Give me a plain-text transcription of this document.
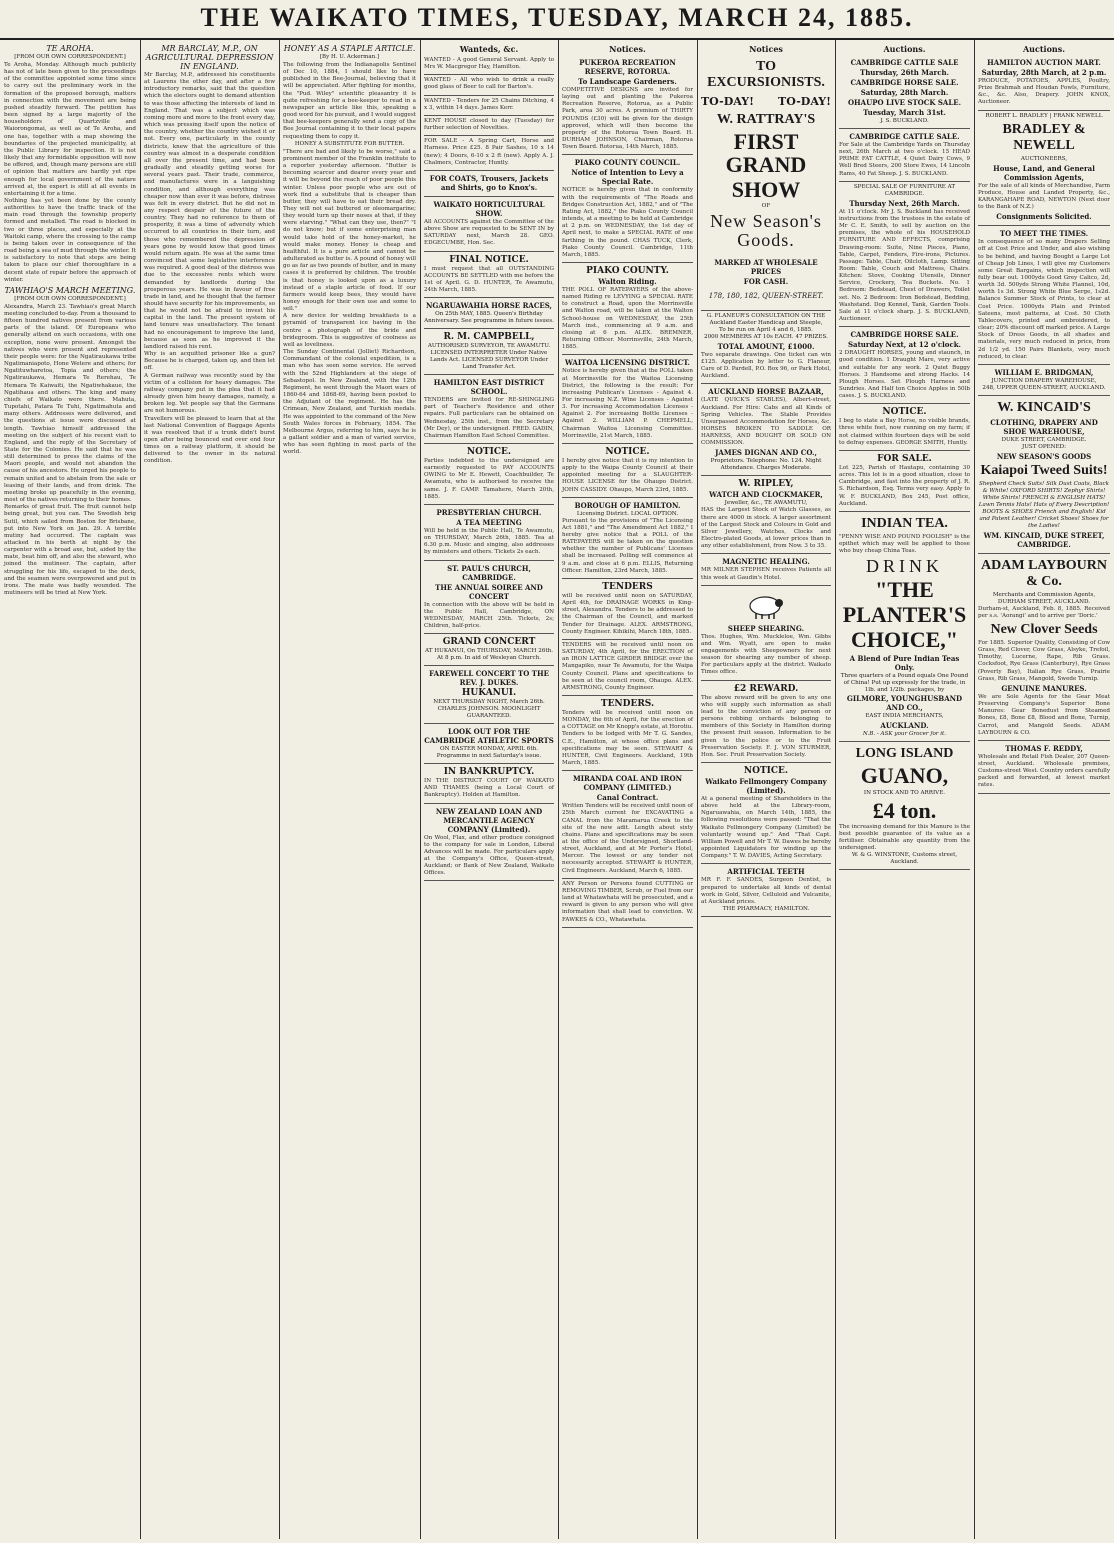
THE WAIKATO TIMES, TUESDAY, MARCH 24, 1885.
TE AROHA.
[FROM OUR OWN CORRESPONDENT.]

Te Aroha, Monday. Although much publicity has not of late been given to the proceedings of the committee appointed some time since to carry out the preliminary work in the formation of the proposed borough, matters in connection with the movement are being pushed steadily forward. The petition has been signed by a large majority of the householders of Quartzville and Waiorongomai, as well as of Te Aroha, and one has, together with a map showing the boundaries of the projected municipality, at the Public Library for inspection. It is not likely that any formidable opposition will now be offered, and, though many persons are still of opinion that matters are hardly yet ripe enough for local government of the nature arrived at, the expert is still at all events in entertaining it for a time.

Nothing has yet been done by the county authorities to have the traffic track of the main road through the township properly formed and metalled. The road is blocked in two or three places, and especially at the Waitoki camp, where the crossing to the camp is being taken over in consequence of the road being a sea of mud through the winter. It is satisfactory to note that steps are being taken to place our chief thoroughfare in a decent state of repair before the approach of winter.

TAWHIAO'S MARCH MEETING.
[FROM OUR OWN CORRESPONDENT.]

Alexandra, March 23. Tawhiao's great March meeting concluded to-day. From a thousand to fifteen hundred natives present from various parts of the island. Of Europeans who generally attend on such occasions, with one exception, none were present. Amongst the natives who were present and represented their people were: for the Ngatiraukawa tribe Ngatimaniapoto, Hone Wetere and others; for Ngatituwharetoa, Topia and others; the Ngatiraukawa, Hemara Te Rerehau, Te Hemara Te Kaiwaiti, the Ngatiwhakaue, the Ngatihaua and others. The king and many chiefs of Waikato were there. Mahuta, Tupotahi, Patara Te Tuhi, Ngatimahuta and many others. Addresses were delivered, and the questions at issue were discussed at length. Tawhiao himself addressed the meeting on the subject of his recent visit to England, and the reply of the Secretary of State for the Colonies. He said that he was still determined to press the claims of the Maori people, and would not abandon the cause of his ancestors. He urged his people to remain united and to abstain from the sale or leasing of their lands, and from drink. The meeting broke up peacefully in the evening, most of the natives returning to their homes.

Remarks of great fruit. The fruit cannot help being great, but you can. The Swedish brig Sutil, which sailed from Boston for Brisbane, put into New York on Jan. 29. A terrible mutiny had occurred. The captain was attacked in his berth at night by the carpenter with a broad axe, but, aided by the mate, beat him off, and also the steward, who joined the mutineer. The captain, after struggling for his life, escaped to the deck, and the seamen were overpowered and put in irons. The mate was badly wounded. The mutineers will be tried at New York.

MR BARCLAY, M.P., ON AGRICULTURAL DEPRESSION IN ENGLAND.

Mr Barclay, M.P., addressed his constituents at Laurens the other day, and after a few introductory remarks, said that the question which the electors ought to demand attention to was those affecting the interests of land in England. That was a subject which was coming more and more to the front every day, which was pressing itself upon the notice of the country, whether the country wished it or not. Every one, particularly in the county districts, knew that the agriculture of this country was almost in a desperate condition all over the present time, and had been gradually and steadily getting worse for several years past. Their trade, commerce, and manufactures were in a languishing condition, and although everything was cheaper now than ever it was before, distress was felt in every district. But he did not in any respect despair of the future of the country. They had no reference to them of prosperity, it was a time of adversity which occurred to all countries in their turn, and those who remembered the depression of years gone by would know that good times would return again. He was at the same time convinced that some legislative interference was required. A good deal of the distress was due to the excessive rents which were demanded by landlords during the prosperous years. He was in favour of free trade in land, and he thought that the farmer should have security for his improvements, so that he would not be afraid to invest his capital in the land. The present system of land tenure was unsatisfactory. The tenant had no encouragement to improve the land, because as soon as he improved it the landlord raised his rent.

Why is an acquitted prisoner like a gun? Because he is charged, taken up, and then let off.

A German railway was recently sued by the victim of a collision for heavy damages. The railway company put in the plea that it had already given him heavy damages, namely, a broken leg. Yet people say that the Germans are not humorous.

Travellers will be pleased to learn that at the last National Convention of Baggage Agents it was resolved that if a trunk didn't burst open after being bounced end over end four times on a railway platform, it should be delivered to the owner in its natural condition.

HONEY AS A STAPLE ARTICLE.
[By H. U. Ackerman.]

The following from the Indianapolis Sentinel of Dec 10, 1884, I should like to have published in the Bee-Journal, believing that it will be appreciated. After fighting for months, the "Pud. Wiley" scientific pleasantry it is quite refreshing for a bee-keeper to read in a newspaper an article like this, speaking a good word for his pursuit, and I would suggest that bee-keepers generally send a copy of the Bee Journal containing it to their local papers requesting them to copy it.

HONEY A SUBSTITUTE FOR BUTTER.

"There are bad and likely to be worse," said a prominent member of the Franklin institute to a reporter yesterday afternoon. "Butter is becoming scarcer and dearer every year and it will be beyond the reach of poor people this winter. Unless poor people who are out of work find a substitute that is cheaper than butter, they will have to eat their bread dry. They will not eat buttered or oleomargarine; they would turn up their noses at that, if they were starving." "What can they use, then?" "I do not know; but if some enterprising man would take hold of the honey-market, he would make money. Honey is cheap and healthful. It is a pure article and cannot be adulterated as butter is. A pound of honey will go as far as two pounds of butter, and in many cases it is preferred by children. The trouble is that honey is looked upon as a luxury instead of a staple article of food. If our farmers would keep bees, they would have honey enough for their own use and some to sell."

A new device for welding breakfasts is a pyramid of transparent ice having in the centre a photograph of the bride and bridegroom. This is suggestive of coolness as well as loveliness.

The Sunday Continental (Jolliet) Richardson, Commandant of the colonial expedition, is a man who has seen some service. He served with the 52nd Highlanders at the siege of Sebastopol. In New Zealand, with the 12th Regiment, he went through the Maori wars of 1860-64 and 1868-69, having been posted to the Adjutant of the regiment. He has the Crimean, New Zealand, and Turkish medals. He was appointed to the command of the New South Wales forces in February, 1854. The Melbourne Argus, referring to him, says he is a gallant soldier and a man of varied service, who has seen fighting in most parts of the world.

Wanteds, &c.

WANTED - A good General Servant. Apply to Mrs W. Macgregor Hay, Hamilton.

WANTED - All who wish to drink a really good glass of Beer to call for Barton's.

WANTED - Tenders for 25 Chains Ditching, 4 x 3, within 14 days. James Kerr.

KENT HOUSE closed to day (Tuesday) for further selection of Novelties.

FOR SALE - A Spring Cart, Horse and Harness. Price £25. 8 Pair Sashes, 10 x 14 (new); 4 Doors, 6-10 x 2 ft (new). Apply A. J. Chalmers, Contractor, Huntly.

FOR COATS, Trousers, Jackets and Shirts, go to Knox's.
WAIKATO HORTICULTURAL SHOW.

All ACCOUNTS against the Committee of the above Show are requested to be SENT IN by SATURDAY next, March 28. GEO. EDGECUMBE, Hon. Sec.

FINAL NOTICE.

I must request that all OUTSTANDING ACCOUNTS BE SETTLED with me before the 1st of April. G. D. HUNTER, Te Awamutu, 24th March, 1885.

NGARUAWAHIA HORSE RACES,

On 25th MAY, 1885. Queen's Birthday Anniversary. See programme in future issues.

R. M. CAMPBELL,

AUTHORISED SURVEYOR, TE AWAMUTU. LICENSED INTERPRETER Under Native Lands Act. LICENSED SURVEYOR Under Land Transfer Act.

HAMILTON EAST DISTRICT SCHOOL.

TENDERS are invited for RE-SHINGLING part of Teacher's Residence and other repairs. Full particulars can be obtained on Wednesday, 25th inst., from the Secretary (Mr Dey), or the undersigned. FRED. GADIN, Chairman Hamilton East School Committee.

NOTICE.

Parties indebted to the undersigned are earnestly requested to PAY ACCOUNTS OWING to Mr E. Hewett, Coachbuilder, Te Awamutu, who is authorised to receive the same. J. F. CAMP. Tamahere, March 20th, 1885.

PRESBYTERIAN CHURCH.
A TEA MEETING

Will be held in the Public Hall, Te Awamutu, on THURSDAY, March 26th, 1885. Tea at 6.30 p.m. Music and singing, also addresses by ministers and others. Tickets 2s each.

ST. PAUL'S CHURCH, CAMBRIDGE.
THE ANNUAL SOIREE AND CONCERT

In connection with the above will be held in the Public Hall, Cambridge, ON WEDNESDAY, MARCH 25th. Tickets, 2s; Children, half-price.

GRAND CONCERT

AT HUKANUI, On THURSDAY, MARCH 26th. At 8 p.m. In aid of Wesleyan Church.

FAREWELL CONCERT TO THE REV. J. DUKES.
HUKANUI.

NEXT THURSDAY NIGHT, March 26th. CHARLES JOHNSON. MOONLIGHT GUARANTEED.

LOOK OUT FOR THE CAMBRIDGE ATHLETIC SPORTS

ON EASTER MONDAY, APRIL 6th. Programme in next Saturday's issue.

IN BANKRUPTCY.

IN THE DISTRICT COURT OF WAIKATO AND THAMES (being a Local Court of Bankruptcy). Holden at Hamilton.

NEW ZEALAND LOAN AND MERCANTILE AGENCY COMPANY (Limited).

On Wool, Flax, and other produce consigned to the company for sale in London, Liberal Advances will be made. For particulars apply at the Company's Office, Queen-street, Auckland; or Bank of New Zealand, Waikato Offices.

Notices.
PUKEROA RECREATION RESERVE, ROTORUA.
To Landscape Gardeners.

COMPETITIVE DESIGNS are invited for laying out and planting the Pukeroa Recreation Reserve, Rotorua, as a Public Park, area 30 acres. A premium of THIRTY POUNDS (£30) will be given for the design approved, which will then become the property of the Rotorua Town Board. H. DURHAM JOHNSON, Chairman, Rotorua Town Board. Rotorua, 14th March, 1885.

PIAKO COUNTY COUNCIL.
Notice of Intention to Levy a Special Rate.

NOTICE is hereby given that in conformity with the requirements of "The Roads and Bridges Construction Act, 1882," and of "The Rating Act, 1882," the Piako County Council intends, at a meeting to be held at Cambridge at 2 p.m. on WEDNESDAY, the 1st day of April next, to make a SPECIAL RATE of one farthing in the pound. CHAS TUCK, Clerk, Piako County Council. Cambridge, 11th March, 1885.

PIAKO COUNTY.
Walton Riding.

THE POLL OF RATEPAYERS of the above-named Riding re LEVYING a SPECIAL RATE to construct a Road, upon the Morrinsville and Walton road, will be taken at the Walton School-house on WEDNESDAY, the 25th March inst., commencing at 9 a.m. and closing at 6 p.m. ALEX. BREMNER, Returning Officer. Morrinsville, 24th March, 1885.

WAITOA LICENSING DISTRICT.

Notice is hereby given that at the POLL taken at Morrinsville for the Waitoa Licensing District, the following is the result: For increasing Publican's Licenses - Against 4. For increasing N.Z. Wine Licenses - Against 3. For increasing Accommodation Licenses - Against 2. For increasing Bottle Licenses - Against 2. WILLIAM P. CHEPMELL, Chairman Waitoa Licensing Committee. Morrinsville, 21st March, 1885.

NOTICE.

I hereby give notice that it is my intention to apply to the Waipa County Council at their appointed meeting for a SLAUGHTER-HOUSE LICENSE for the Ohaupo District. JOHN CASSIDY. Ohaupo, March 23rd, 1885.

BOROUGH OF HAMILTON.
Licensing District. LOCAL OPTION.

Pursuant to the provisions of "The Licensing Act 1881," and "The Amendment Act 1882," I hereby give notice that a POLL of the RATEPAYERS will be taken on the question whether the number of Publicans' Licenses shall be increased. Polling will commence at 9 a.m. and close at 6 p.m. ELLIS, Returning Officer. Hamilton, 23rd March, 1885.

TENDERS

will be received until noon on SATURDAY, April 4th, for DRAINAGE WORKS in King-street, Alexandra. Tenders to be addressed to the Chairman of the Council, and marked Tender for Drainage. ALEX. ARMSTRONG, County Engineer. Kihikihi, March 18th, 1885.

TENDERS will be received until noon on SATURDAY, 4th April, for the ERECTION of an IRON LATTICE GIRDER BRIDGE over the Mangapiko, near Te Awamutu, for the Waipa County Council. Plans and specifications to be seen at the council room, Ohaupo. ALEX. ARMSTRONG, County Engineer.

TENDERS.

Tenders will be received until noon on MONDAY, the 6th of April, for the erection of a COTTAGE on Mr Knopp's estate, at Horotiu. Tenders to be lodged with Mr T. G. Sandes, C.E., Hamilton, at whose office plans and specifications may be seen. STEWART & HUNTER, Civil Engineers. Auckland, 19th March, 1885.

MIRANDA COAL AND IRON COMPANY (LIMITED.)
Canal Contract.

Written Tenders will be received until noon of 25th March current for EXCAVATING a CANAL from the Maramarua Creek to the site of the new adit. Length about sixty chains. Plans and specifications may be seen at the office of the Undersigned, Shortland-street, Auckland, and at Mr Porter's Hotel, Mercer. The lowest or any tender not necessarily accepted. STEWART & HUNTER, Civil Engineers. Auckland, March 6, 1885.

ANY Person or Persons found CUTTING or REMOVING TIMBER, Scrub, or Fuel from our land at Whatawhata will be prosecuted, and a reward is given to any person who will give information that shall lead to conviction. W. FAWKES & CO., Whatawhata.

Notices
TO EXCURSIONISTS.
TO-DAY! TO-DAY!
W. RATTRAY'S
FIRST GRAND
SHOW
OF
New Season's Goods.
MARKED AT WHOLESALE PRICES
FOR CASH.
178, 180, 182, QUEEN-STREET.
G. FLANEUR'S CONSULTATION ON THE Auckland Easter Handicap and Steeple,
To be run on April 4 and 6, 1885.
2000 MEMBERS AT 10s EACH. 47 PRIZES.
TOTAL AMOUNT, £1000.

Two separate drawings. One ticket can win £125. Application by letter to G. Flaneur, Care of D. Pardell, P.O. Box 96, or Park Hotel, Auckland.

AUCKLAND HORSE BAZAAR,

(LATE QUICK'S STABLES), Albert-street, Auckland. For Hire: Cabs and all Kinds of Spring Vehicles. The Stable Provides Unsurpassed Accommodation for Horses, &c. HORSES BROKEN TO SADDLE OR HARNESS, AND BOUGHT OR SOLD ON COMMISSION.

JAMES DIGNAN AND CO.,

Proprietors. Telephone: No. 124. Night Attendance. Charges Moderate.

W. RIPLEY,
WATCH AND CLOCKMAKER,
Jeweller, &c., TE AWAMUTU,

HAS the Largest Stock of Watch Glasses, as there are 4000 in stock. A larger assortment of the Largest Stock and Colours in Gold and Silver Jewellery, Watches, Clocks and Electro-plated Goods, at lower prices than in any other establishment, from Now. 3 to 35.

MAGNETIC HEALING.

MR MILNER STEPHEN receives Patients all this week at Gaudin's Hotel.

SHEEP SHEARING.

Thos. Hughes, Wm. Muckleloe, Wm. Gibbs and Wm. Wyatt, are open to make engagements with Sheepowners for next season for shearing any number of sheep. For particulars apply at the district. Waikato Times office.

£2 REWARD.

The above reward will be given to any one who will supply such information as shall lead to the conviction of any person or persons robbing orchards belonging to members of this Society in Hamilton during the present fruit season. Information to be given to the police or to the Fruit Preservation Society. F. J. VON STURMER, Hon. Sec. Fruit Preservation Society.

NOTICE.
Waikato Fellmongery Company (Limited).

At a general meeting of Shareholders in the above held at the Library-room, Ngaruawahia, on March 14th, 1885, the following resolutions were passed: "That the Waikato Fellmongery Company (Limited) be voluntarily wound up." And "That Capt. William Powell and Mr T. W. Dawes be hereby appointed Liquidators for winding up the Company." T. W. DAVIES, Acting Secretary.

ARTIFICIAL TEETH

MR F. F. SANDES, Surgeon Dentist, is prepared to undertake all kinds of dental work in Gold, Silver, Celluloid and Vulcanite, at Auckland prices.

THE PHARMACY, HAMILTON.
Auctions.
CAMBRIDGE CATTLE SALE
Thursday, 26th March.
CAMBRIDGE HORSE SALE.
Saturday, 28th March.
OHAUPO LIVE STOCK SALE.
Tuesday, March 31st.
J. S. BUCKLAND.
CAMBRIDGE CATTLE SALE.

For Sale at the Cambridge Yards on Thursday next, 26th March at two o'clock. 15 HEAD PRIME FAT CATTLE, 4 Quiet Dairy Cows, 9 Well Bred Steers, 200 Store Ewes, 14 Lincoln Rams, 40 Fat Sheep. J. S. BUCKLAND.

SPECIAL SALE OF FURNITURE AT CAMBRIDGE.
Thursday Next, 26th March.

At 11 o'clock. Mr J. S. Buckland has received instructions from the trustees in the estate of Mr C. E. Smith, to sell by auction on the premises, the whole of his HOUSEHOLD FURNITURE AND EFFECTS, comprising Drawing-room: Suite, Nine Pieces, Piano, Table, Carpet, Fenders, Fire-irons, Pictures. Passage: Table, Chair, Oilcloth, Lamp. Sitting Room: Table, Couch and Mattress, Chairs. Kitchen: Stove, Cooking Utensils, Dinner Service, Crockery, Tea Buckets. No. 1 Bedroom: Bedstead, Chest of Drawers, Toilet set. No. 2 Bedroom: Iron Bedstead, Bedding, Washstand. Dog Kennel, Tank, Garden Tools. Sale at 11 o'clock sharp. J. S. BUCKLAND, Auctioneer.

CAMBRIDGE HORSE SALE.
Saturday Next, at 12 o'clock.

2 DRAUGHT HORSES, young and staunch, in good condition. 1 Draught Mare, very active and suitable for any work. 2 Quiet Buggy Horses. 3 Handsome and strong Hacks. 14 Plough Horses. Set Plough Harness and Sundries. And Half ton Choice Apples in 50lb cases. J. S. BUCKLAND.

NOTICE.

I beg to state a Bay Horse, no visible brands, three white feet, now running on my farm; if not claimed within fourteen days will be sold to defray expenses. GEORGE SMITH, Huntly.

FOR SALE.

Lot 225, Parish of Hautapu, containing 30 acres. This lot is in a good situation, close to Cambridge, and fast into the property of J. R. S. Richardson, Esq. Terms very easy. Apply to W. F. BUCKLAND, Box 245, Post office, Auckland.

INDIAN TEA.

"PENNY WISE AND POUND FOOLISH" is the epithet which may well be applied to those who buy cheap China Teas.

DRINK
"THE
PLANTER'S
CHOICE,"
A Blend of Pure Indian Teas Only.

Three quarters of a Pound equals One Pound of China! Put up expressly for the trade, in 1lb. and 1/2lb. packages, by

GILMORE, YOUNGHUSBAND AND CO.,
EAST INDIA MERCHANTS,
AUCKLAND.
N.B. - ASK your Grocer for it.
LONG ISLAND
GUANO,
IN STOCK AND TO ARRIVE.
£4 ton.

The increasing demand for this Manure is the best possible guarantee of its value as a fertiliser. Obtainable any quantity from the undersigned.

W. & G. WINSTONE, Customs street, Auckland.
Auctions.
HAMILTON AUCTION MART.
Saturday, 28th March, at 2 p.m.

PRODUCE, POTATOES, APPLES, Poultry, Prize Brahmah and Houdan Fowls, Furniture, &c., &c. Also, Drapery. JOHN KNOX, Auctioneer.

ROBERT L. BRADLEY | FRANK NEWELL
BRADLEY & NEWELL
AUCTIONEERS,
House, Land, and General Commission Agents,

For the sale of all kinds of Merchandise, Farm Produce, House and Landed Property, &c., KARANGAHAPE ROAD, NEWTON (Next door to the Bank of N.Z.)

Consignments Solicited.
TO MEET THE TIMES.

In consequence of so many Drapers Selling off at Cost Price and Under, and also wishing to be behind, and having Bought a Large Lot of Cheap Job Lines, I will give my Customers some Great Bargains, which inspection will fully bear out. 1000yds Good Grey Calico, 2d, worth 3d. 500yds Strong White Flannel, 10d, worth 1s 3d. Strong White Blue Serge, 1s2d. Balance Summer Stock of Prints, to clear at Cost Price. 1000yds Plain and Printed Sateens, most patterns, at Cost. 50 Cloth Tablecovers, printed and embroidered, to clear; 20% discount off marked price. A Large Stock of Dress Goods, in all shades and materials, very much reduced in price, from 2d 1/2 yd. 150 Pairs Blankets, very much reduced, to clear.

WILLIAM E. BRIDGMAN,
JUNCTION DRAPERY WAREHOUSE,
248, UPPER QUEEN-STREET, AUCKLAND.
W. KINCAID'S
CLOTHING, DRAPERY AND SHOE WAREHOUSE,
DUKE STREET, CAMBRIDGE.
JUST OPENED:
NEW SEASON'S GOODS
Kaiapoi Tweed Suits!

Shepherd Check Suits! Silk Dust Coats, Black & White! OXFORD SHIRTS! Zephyr Shirts! White Shirts! FRENCH & ENGLISH HATS! Lawn Tennis Hats! Hats of Every Description! BOOTS & SHOES Friench and English! Kid and Patent Leather! Cricket Shoes! Shoes for the Ladies!

WM. KINCAID, DUKE STREET, CAMBRIDGE.
ADAM LAYBOURN & Co.
Merchants and Commission Agents, DURHAM STREET, AUCKLAND.

Durham-st, Auckland, Feb. 8, 1885. Received per s.s. 'Aorangi' and to arrive per 'Doric.'

New Clover Seeds

For 1885. Superior Quality, Consisting of Cow Grass, Red Clover, Cow Grass, Alsyke, Trefoil, Timothy, Lucerne, Rape, Rib Grass. Cocksfoot, Rye Grass (Canterbury), Rye Grass (Poverty Bay), Italian Rye Grass, Prairie Grass, Rib Grass, Mangold, Swede Turnip.

GENUINE MANURES.

We are Sole Agents for the Gear Meat Preserving Company's Superior Bone Manures: Gear Bonedust from Steamed Bones, £8, Bone £8, Blood and Bone, Turnip, Carrot, and Mangold Seeds. ADAM LAYBOURN & CO.

THOMAS F. REDDY,

Wholesale and Retail Fish Dealer, 207 Queen-street, Auckland. Wholesale premises, Customs-street West. Country orders carefully packed and forwarded, at lowest market rates.
